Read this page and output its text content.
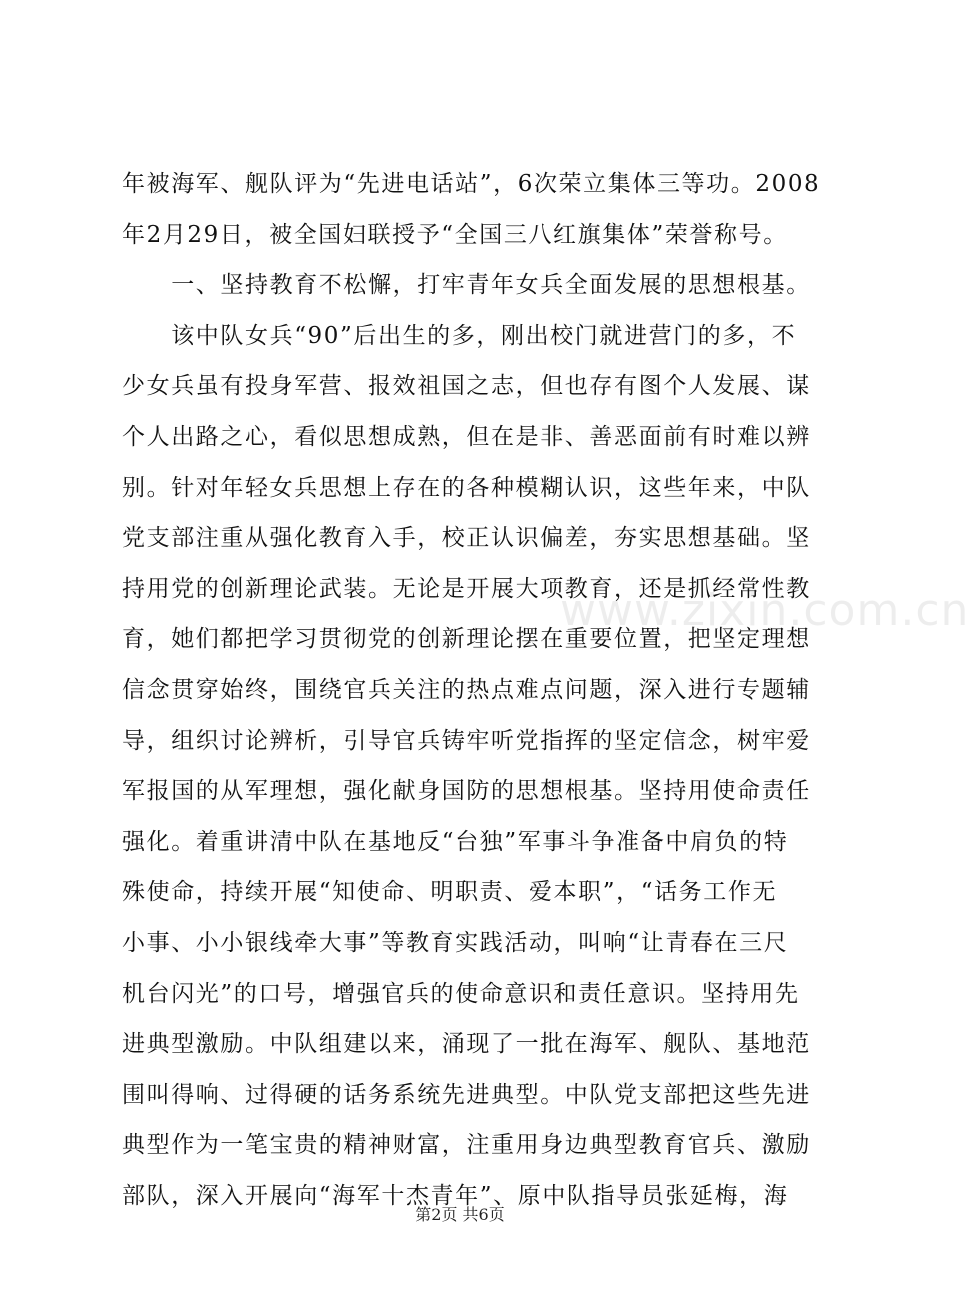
年被海军、舰队评为“先进电话站”，6次荣立集体三等功。2008
年2月29日，被全国妇联授予“全国三八红旗集体”荣誉称号。
　　一、坚持教育不松懈，打牢青年女兵全面发展的思想根基。
　　该中队女兵“90”后出生的多，刚出校门就进营门的多，不
少女兵虽有投身军营、报效祖国之志，但也存有图个人发展、谋
个人出路之心，看似思想成熟，但在是非、善恶面前有时难以辨
别。针对年轻女兵思想上存在的各种模糊认识，这些年来，中队
党支部注重从强化教育入手，校正认识偏差，夯实思想基础。坚
持用党的创新理论武装。无论是开展大项教育，还是抓经常性教
育，她们都把学习贯彻党的创新理论摆在重要位置，把坚定理想
信念贯穿始终，围绕官兵关注的热点难点问题，深入进行专题辅
导，组织讨论辨析，引导官兵铸牢听党指挥的坚定信念，树牢爱
军报国的从军理想，强化献身国防的思想根基。坚持用使命责任
强化。着重讲清中队在基地反“台独”军事斗争准备中肩负的特
殊使命，持续开展“知使命、明职责、爱本职”，“话务工作无
小事、小小银线牵大事”等教育实践活动，叫响“让青春在三尺
机台闪光”的口号，增强官兵的使命意识和责任意识。坚持用先
进典型激励。中队组建以来，涌现了一批在海军、舰队、基地范
围叫得响、过得硬的话务系统先进典型。中队党支部把这些先进
典型作为一笔宝贵的精神财富，注重用身边典型教育官兵、激励
部队，深入开展向“海军十杰青年”、原中队指导员张延梅，海
www.zixin.com.cn
第2页 共6页
